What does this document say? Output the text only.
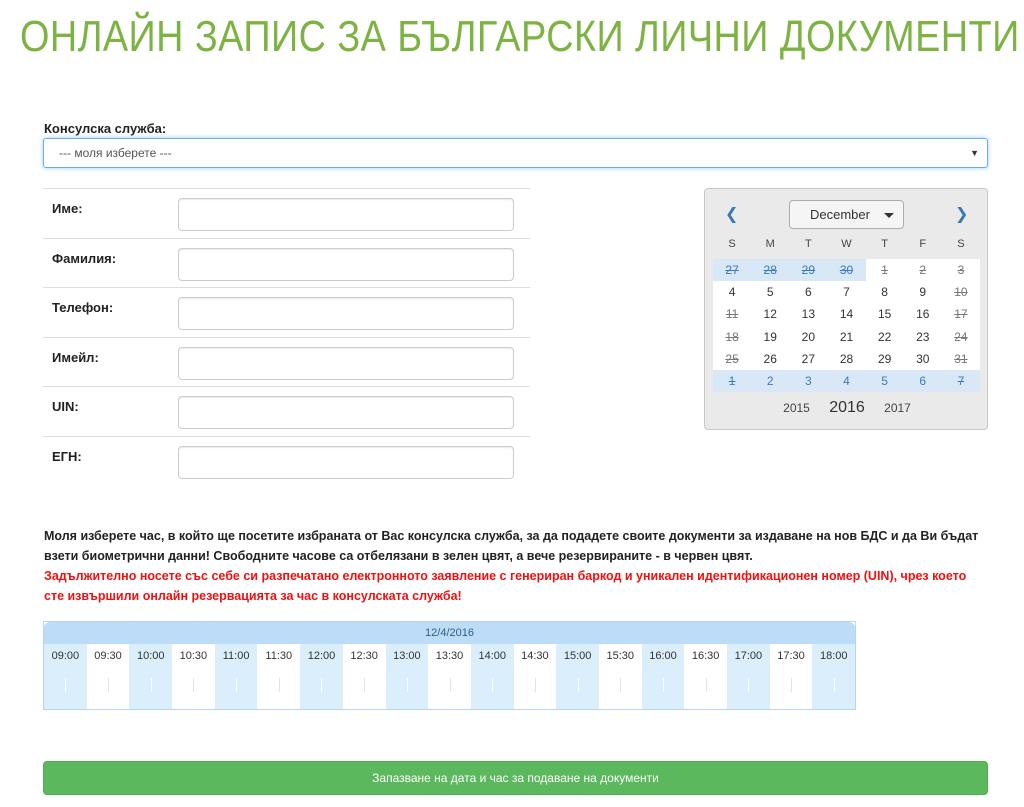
ОНЛАЙН ЗАПИС ЗА БЪЛГАРСКИ ЛИЧНИ ДОКУМЕНТИ
Консулска служба:
--- моля изберете ---	▼
Име:
Фамилия:
Телефон:
Имейл:
UIN:
ЕГН:
❮	December	❯
S	M	T	W	T	F	S
27	28	29	30	1	2	3
4	5	6	7	8	9	10
11	12	13	14	15	16	17
18	19	20	21	22	23	24
25	26	27	28	29	30	31
1	2	3	4	5	6	7
2015 2016 2017
Моля изберете час, в който ще посетите избраната от Вас консулска служба, за да подадете своите документи за издаване на нов БДС и да Ви бъдат взети биометрични данни! Свободните часове са отбелязани в зелен цвят, а вече резервираните - в червен цвят.
Задължително носете със себе си разпечатано електронното заявление с генериран баркод и уникален идентификационен номер (UIN), чрез което сте извършили онлайн резервацията за час в консулската служба!
12/4/2016
09:00	09:30	10:00	10:30	11:00	11:30	12:00	12:30	13:00	13:30	14:00	14:30	15:00	15:30	16:00	16:30	17:00	17:30	18:00
Запазване на дата и час за подаване на документи
